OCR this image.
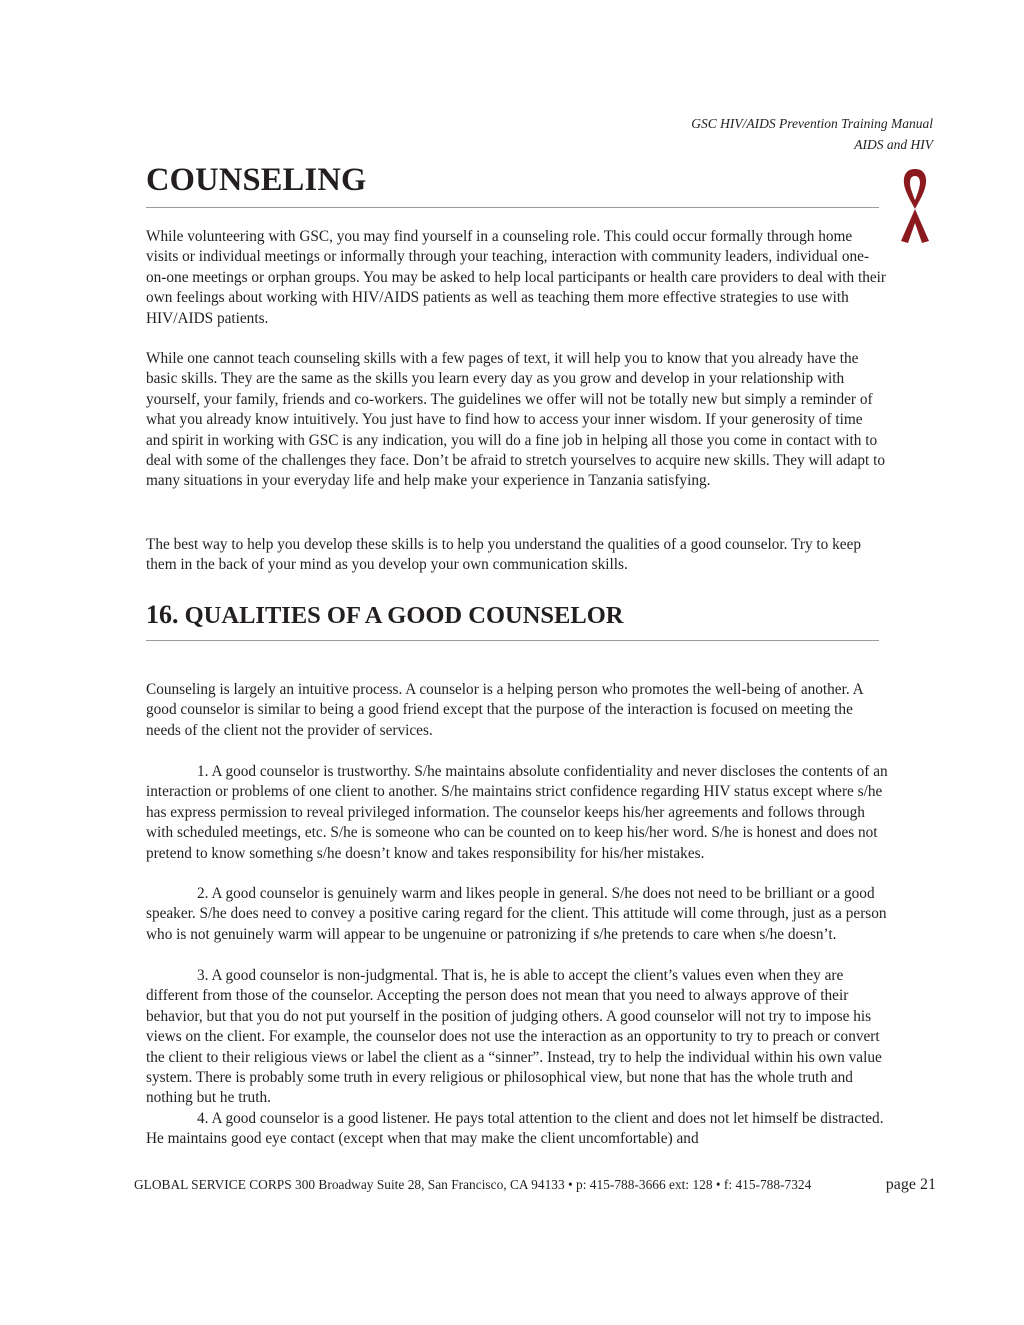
GSC HIV/AIDS Prevention Training Manual
AIDS and HIV
COUNSELING

While volunteering with GSC, you may find yourself in a counseling role. This could occur formally through home visits or individual meetings or informally through your teaching, interaction with community leaders, individual one-on-one meetings or orphan groups. You may be asked to help local participants or health care providers to deal with their own feelings about working with HIV/AIDS patients as well as teaching them more effective strategies to use with HIV/AIDS patients.

While one cannot teach counseling skills with a few pages of text, it will help you to know that you already have the basic skills. They are the same as the skills you learn every day as you grow and develop in your relationship with yourself, your family, friends and co-workers. The guidelines we offer will not be totally new but simply a reminder of what you already know intuitively. You just have to find how to access your inner wisdom. If your generosity of time and spirit in working with GSC is any indication, you will do a fine job in helping all those you come in contact with to deal with some of the challenges they face. Don’t be afraid to stretch yourselves to acquire new skills. They will adapt to many situations in your everyday life and help make your experience in Tanzania satisfying.

The best way to help you develop these skills is to help you understand the qualities of a good counselor. Try to keep them in the back of your mind as you develop your own communication skills.

16. QUALITIES OF A GOOD COUNSELOR

Counseling is largely an intuitive process. A counselor is a helping person who promotes the well-being of another. A good counselor is similar to being a good friend except that the purpose of the interaction is focused on meeting the needs of the client not the provider of services.

1. A good counselor is trustworthy. S/he maintains absolute confidentiality and never discloses the contents of an interaction or problems of one client to another. S/he maintains strict confidence regarding HIV status except where s/he has express permission to reveal privileged information. The counselor keeps his/her agreements and follows through with scheduled meetings, etc. S/he is someone who can be counted on to keep his/her word. S/he is honest and does not pretend to know something s/he doesn’t know and takes responsibility for his/her mistakes.

2. A good counselor is genuinely warm and likes people in general. S/he does not need to be brilliant or a good speaker. S/he does need to convey a positive caring regard for the client. This attitude will come through, just as a person who is not genuinely warm will appear to be ungenuine or patronizing if s/he pretends to care when s/he doesn’t.

3. A good counselor is non-judgmental. That is, he is able to accept the client’s values even when they are different from those of the counselor. Accepting the person does not mean that you need to always approve of their behavior, but that you do not put yourself in the position of judging others. A good counselor will not try to impose his views on the client. For example, the counselor does not use the interaction as an opportunity to try to preach or convert the client to their religious views or label the client as a “sinner”. Instead, try to help the individual within his own value system. There is probably some truth in every religious or philosophical view, but none that has the whole truth and nothing but he truth.

4. A good counselor is a good listener. He pays total attention to the client and does not let himself be distracted. He maintains good eye contact (except when that may make the client uncomfortable) and

GLOBAL SERVICE CORPS 300 Broadway Suite 28, San Francisco, CA 94133 • p: 415-788-3666 ext: 128 • f: 415-788-7324	page 21
